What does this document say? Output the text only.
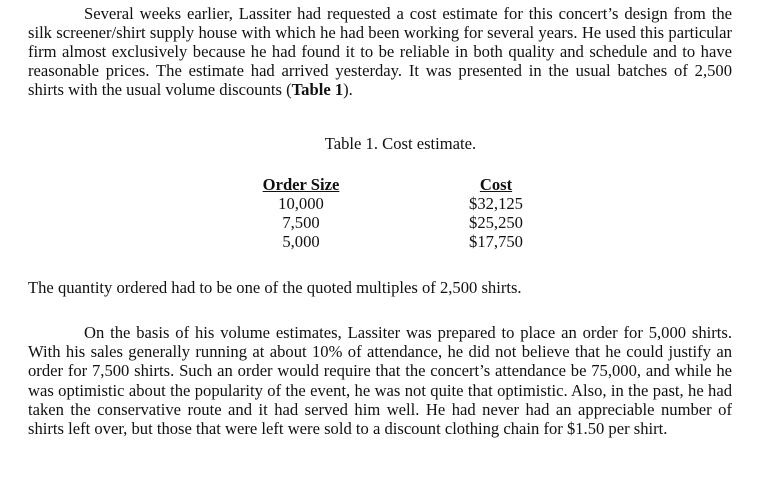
Several weeks earlier, Lassiter had requested a cost estimate for this concert’s design from the silk screener/shirt supply house with which he had been working for several years. He used this particular firm almost exclusively because he had found it to be reliable in both quality and schedule and to have reasonable prices. The estimate had arrived yesterday. It was presented in the usual batches of 2,500 shirts with the usual volume discounts (Table 1).

Table 1. Cost estimate.
Order Size		Cost
10,000		$32,125
7,500		$25,250
5,000		$17,750

The quantity ordered had to be one of the quoted multiples of 2,500 shirts.

On the basis of his volume estimates, Lassiter was prepared to place an order for 5,000 shirts. With his sales generally running at about 10% of attendance, he did not believe that he could justify an order for 7,500 shirts. Such an order would require that the concert’s attendance be 75,000, and while he was optimistic about the popularity of the event, he was not quite that optimistic. Also, in the past, he had taken the conservative route and it had served him well. He had never had an appreciable number of shirts left over, but those that were left were sold to a discount clothing chain for $1.50 per shirt.
